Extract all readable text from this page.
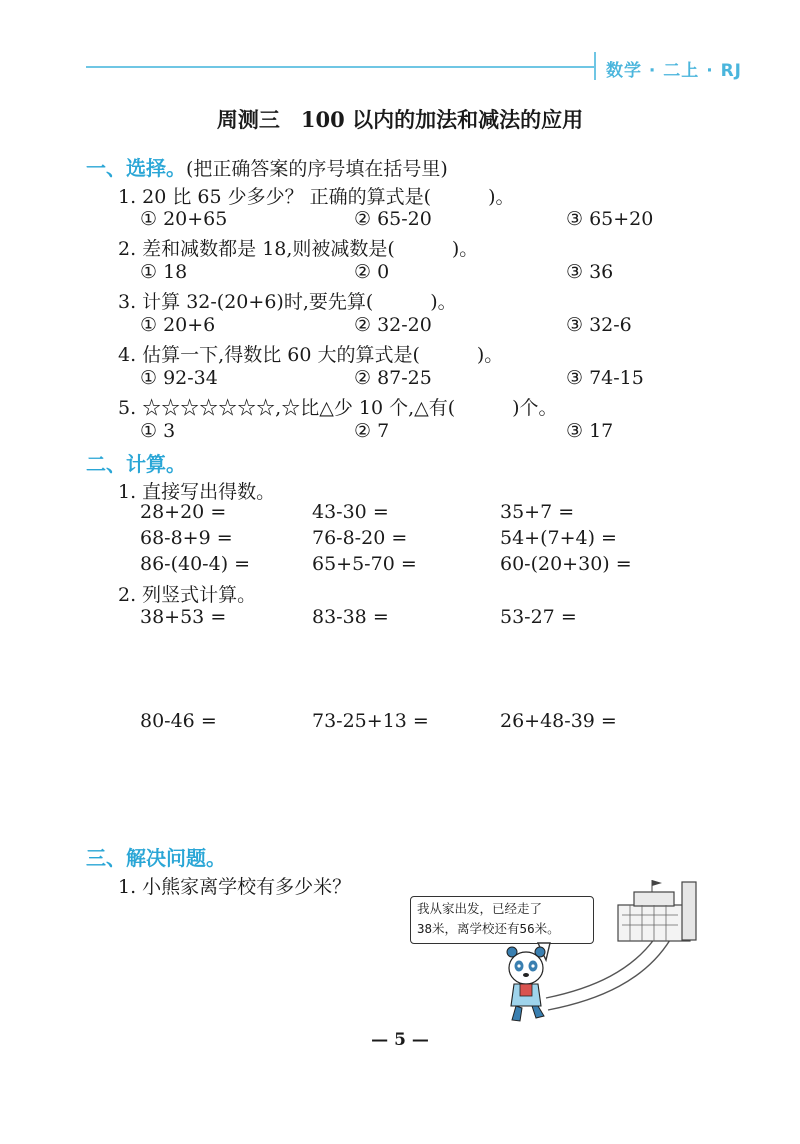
数学 · 二上 · RJ
周测三　100 以内的加法和减法的应用
一、选择。(把正确答案的序号填在括号里)
1. 20 比 65 少多少？ 正确的算式是(　　　)。
① 20+65	② 65-20	③ 65+20
2. 差和减数都是 18,则被减数是(　　　)。
① 18	② 0	③ 36
3. 计算 32-(20+6)时,要先算(　　　)。
① 20+6	② 32-20	③ 32-6
4. 估算一下,得数比 60 大的算式是(　　　)。
① 92-34	② 87-25	③ 74-15
5. ☆☆☆☆☆☆☆,☆比△少 10 个,△有(　　　)个。
① 3	② 7	③ 17
二、计算。
1. 直接写出得数。
28+20 =	43-30 =	35+7 =
68-8+9 =	76-8-20 =	54+(7+4) =
86-(40-4) =	65+5-70 =	60-(20+30) =
2. 列竖式计算。
38+53 =	83-38 =	53-27 =
80-46 =	73-25+13 =	26+48-39 =
三、解决问题。
1. 小熊家离学校有多少米？
我从家出发，已经走了
38米，离学校还有56米。
— 5 —
